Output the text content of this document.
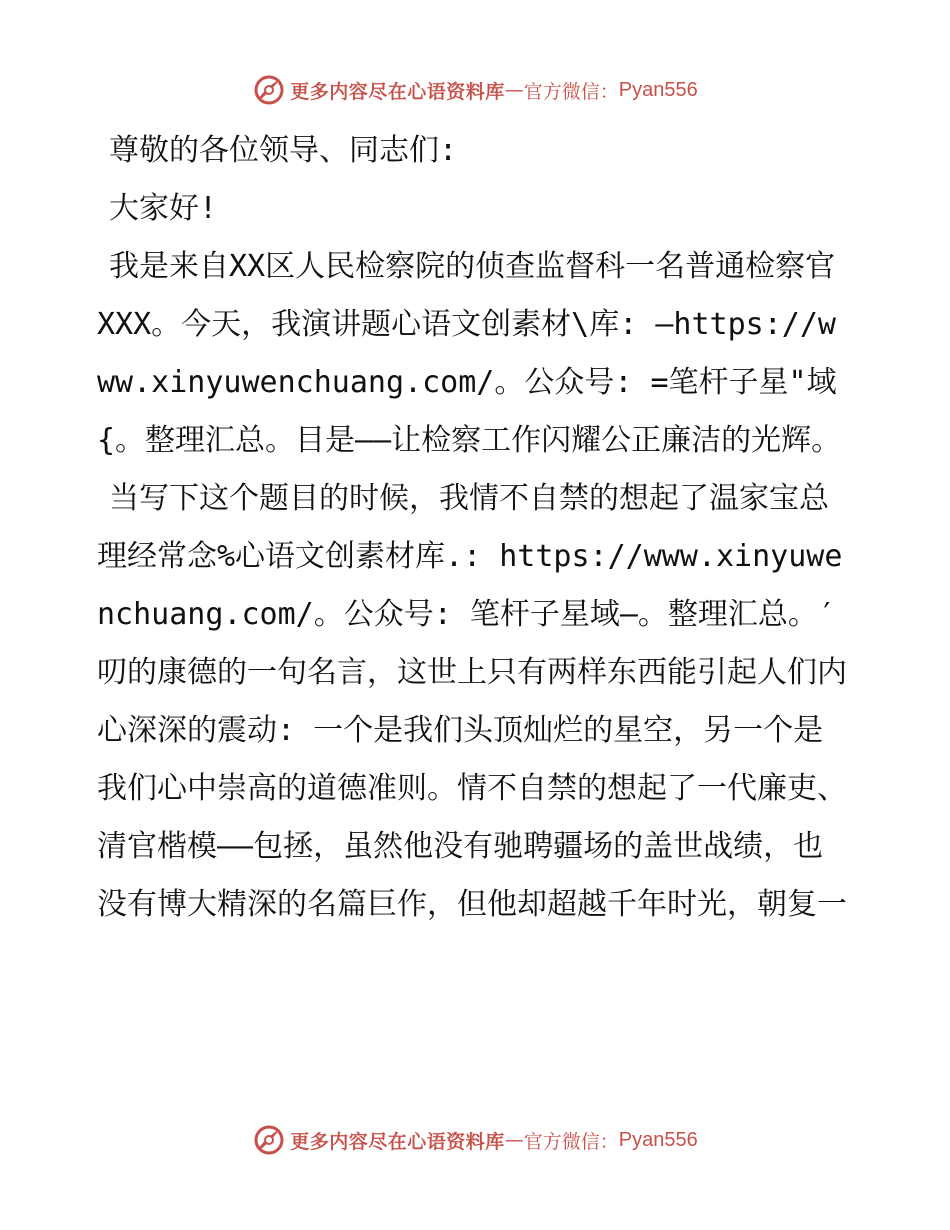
更多内容尽在心语资料库 — 官方微信： Pyan556

尊敬的各位领导、同志们:

大家好!

我是来自XX区人民检察院的侦查监督科一名普通检察官XXX。今天，我演讲题心语文创素材\库: —https://www.xinyuwenchuang.com/。公众号: =笔杆子星"域{。整理汇总。目是——让检察工作闪耀公正廉洁的光辉。

当写下这个题目的时候，我情不自禁的想起了温家宝总理经常念%心语文创素材库.: https://www.xinyuwenchuang.com/。公众号: 笔杆子星域—。整理汇总。′叨的康德的一句名言，这世上只有两样东西能引起人们内心深深的震动: 一个是我们头顶灿烂的星空，另一个是我们心中崇高的道德准则。情不自禁的想起了一代廉吏、清官楷模——包拯，虽然他没有驰聘疆场的盖世战绩，也没有博大精深的名篇巨作，但他却超越千年时光，朝复一

更多内容尽在心语资料库 — 官方微信： Pyan556
